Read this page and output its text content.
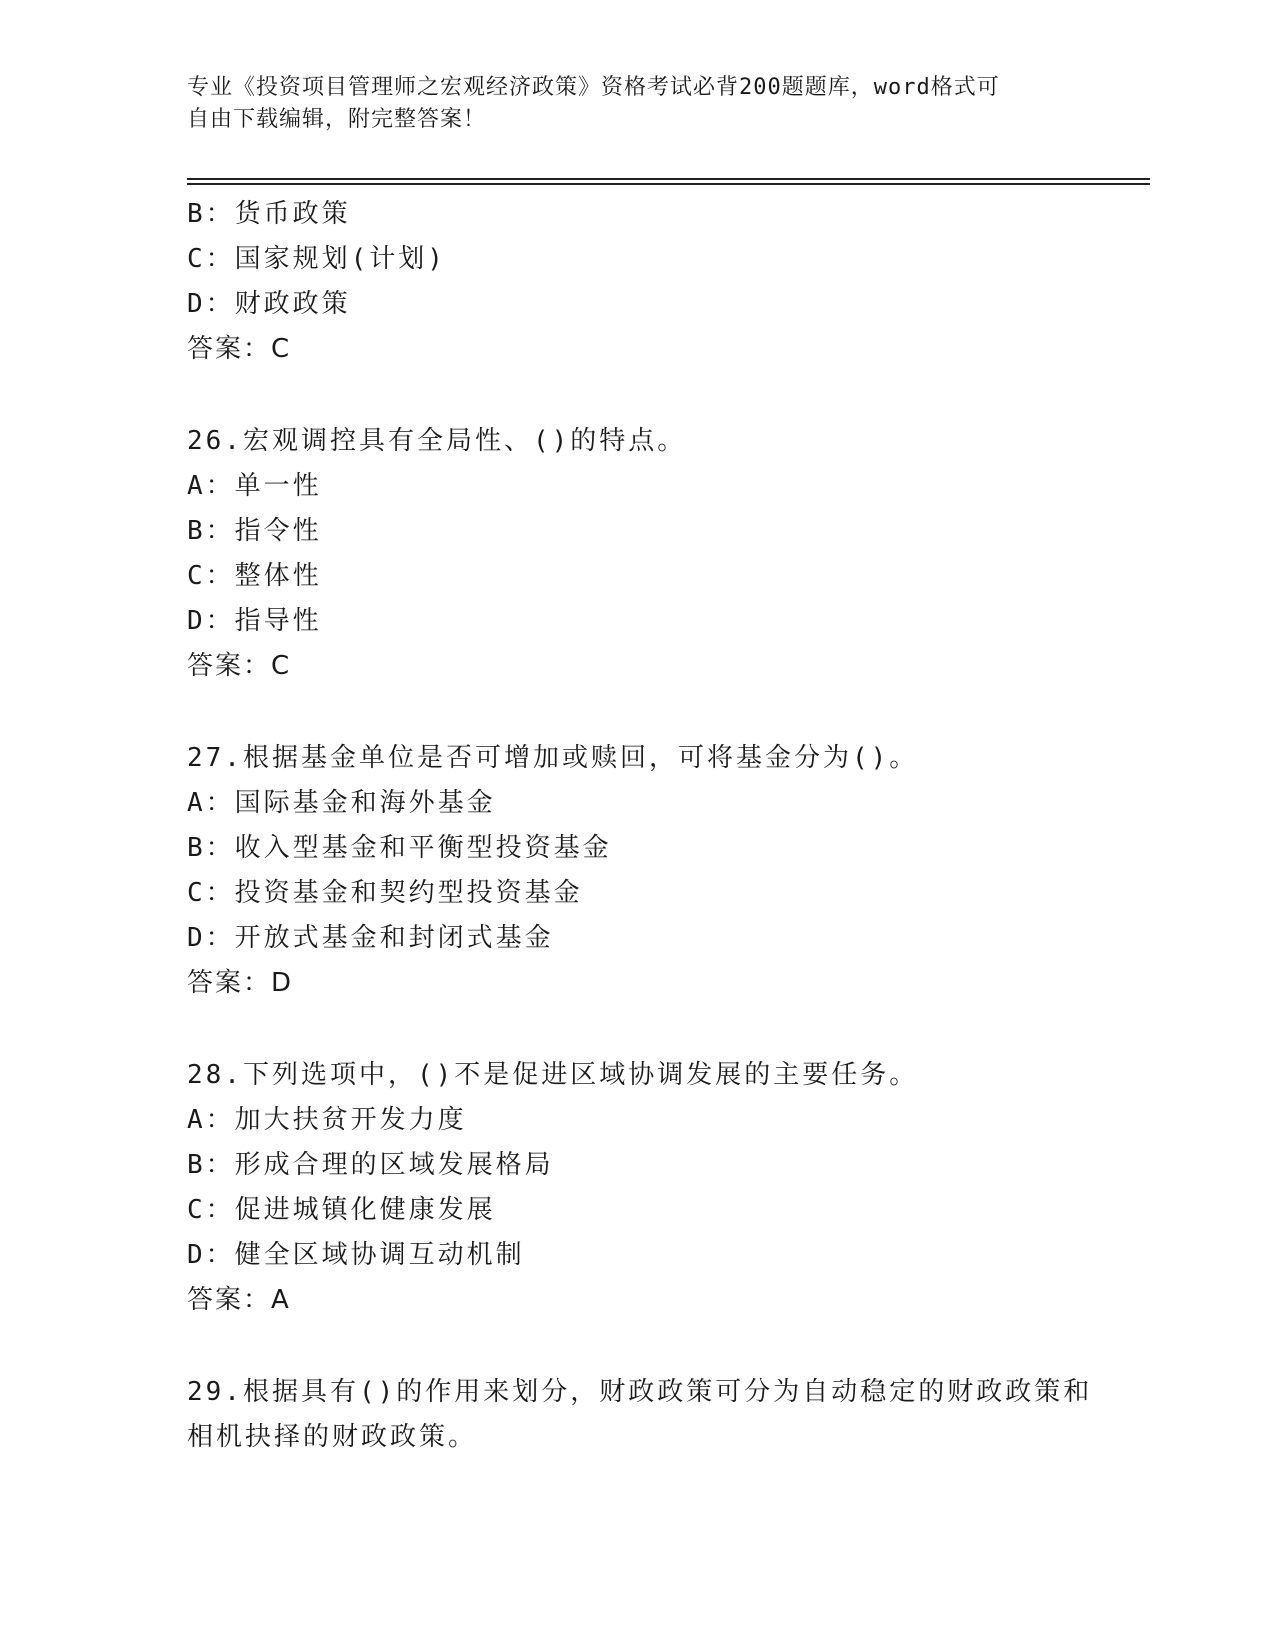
专业《投资项目管理师之宏观经济政策》资格考试必背200题题库，word格式可
自由下载编辑，附完整答案！
B：货币政策
C：国家规划(计划)
D：财政政策
答案：C
26.宏观调控具有全局性、()的特点。
A：单一性
B：指令性
C：整体性
D：指导性
答案：C
27.根据基金单位是否可增加或赎回，可将基金分为()。
A：国际基金和海外基金
B：收入型基金和平衡型投资基金
C：投资基金和契约型投资基金
D：开放式基金和封闭式基金
答案：D
28.下列选项中，()不是促进区域协调发展的主要任务。
A：加大扶贫开发力度
B：形成合理的区域发展格局
C：促进城镇化健康发展
D：健全区域协调互动机制
答案：A
29.根据具有()的作用来划分，财政政策可分为自动稳定的财政政策和
相机抉择的财政政策。
